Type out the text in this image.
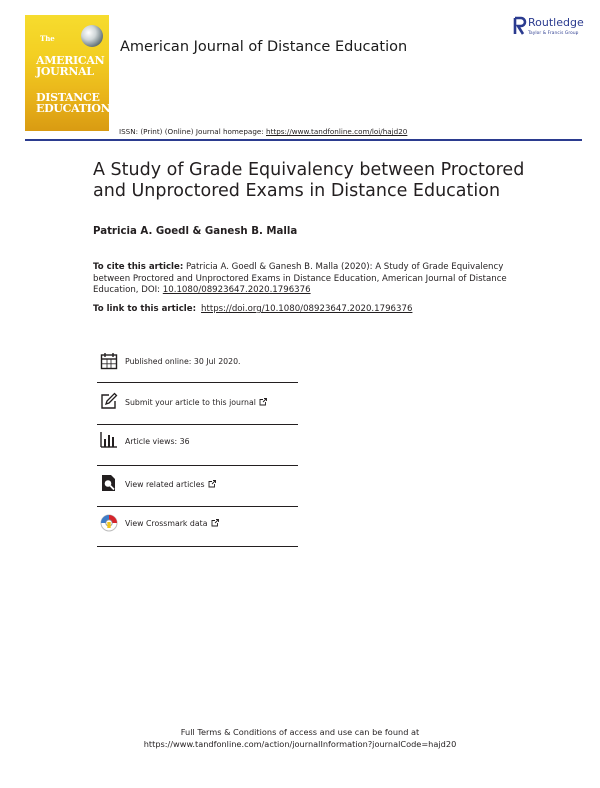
The
AMERICAN
JOURNAL
DISTANCE
EDUCATION
American Journal of Distance Education
ISSN: (Print) (Online) Journal homepage: https://www.tandfonline.com/loi/hajd20
Routledge
Taylor & Francis Group
A Study of Grade Equivalency between Proctored and Unproctored Exams in Distance Education
Patricia A. Goedl & Ganesh B. Malla
To cite this article: Patricia A. Goedl & Ganesh B. Malla (2020): A Study of Grade Equivalency between Proctored and Unproctored Exams in Distance Education, American Journal of Distance Education, DOI: 10.1080/08923647.2020.1796376
To link to this article: https://doi.org/10.1080/08923647.2020.1796376
Published online: 30 Jul 2020.
Submit your article to this journal
Article views: 36
View related articles
View Crossmark data
Full Terms & Conditions of access and use can be found at
https://www.tandfonline.com/action/journalInformation?journalCode=hajd20
